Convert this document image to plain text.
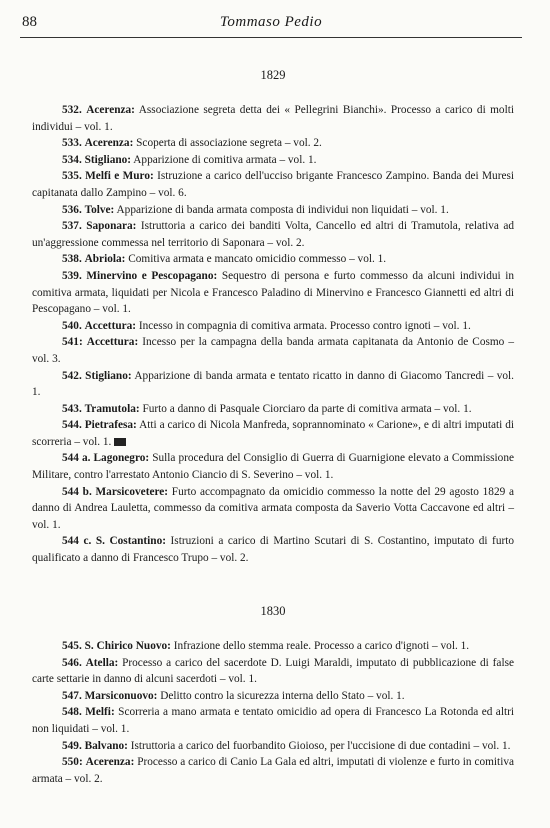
88	Tommaso Pedio
1829

532. Acerenza: Associazione segreta detta dei « Pellegrini Bianchi». Processo a carico di molti individui – vol. 1.

533. Acerenza: Scoperta di associazione segreta – vol. 2.

534. Stigliano: Apparizione di comitiva armata – vol. 1.

535. Melfi e Muro: Istruzione a carico dell'ucciso brigante Francesco Zampino. Banda dei Muresi capitanata dallo Zampino – vol. 6.

536. Tolve: Apparizione di banda armata composta di individui non liquidati – vol. 1.

537. Saponara: Istruttoria a carico dei banditi Volta, Cancello ed altri di Tramutola, relativa ad un'aggressione commessa nel territorio di Saponara – vol. 2.

538. Abriola: Comitiva armata e mancato omicidio commesso – vol. 1.

539. Minervino e Pescopagano: Sequestro di persona e furto commesso da alcuni individui in comitiva armata, liquidati per Nicola e Francesco Paladino di Minervino e Francesco Giannetti ed altri di Pescopagano – vol. 1.

540. Accettura: Incesso in compagnia di comitiva armata. Processo contro ignoti – vol. 1.

541: Accettura: Incesso per la campagna della banda armata capitanata da Antonio de Cosmo – vol. 3.

542. Stigliano: Apparizione di banda armata e tentato ricatto in danno di Giacomo Tancredi – vol. 1.

543. Tramutola: Furto a danno di Pasquale Ciorciaro da parte di comitiva armata – vol. 1.

544. Pietrafesa: Atti a carico di Nicola Manfreda, soprannominato « Carione», e di altri imputati di scorreria – vol. 1.

544 a. Lagonegro: Sulla procedura del Consiglio di Guerra di Guarnigione elevato a Commissione Militare, contro l'arrestato Antonio Ciancio di S. Severino – vol. 1.

544 b. Marsicovetere: Furto accompagnato da omicidio commesso la notte del 29 agosto 1829 a danno di Andrea Lauletta, commesso da comitiva armata composta da Saverio Votta Caccavone ed altri – vol. 1.

544 c. S. Costantino: Istruzioni a carico di Martino Scutari di S. Costantino, imputato di furto qualificato a danno di Francesco Trupo – vol. 2.

1830

545. S. Chirico Nuovo: Infrazione dello stemma reale. Processo a carico d'ignoti – vol. 1.

546. Atella: Processo a carico del sacerdote D. Luigi Maraldi, imputato di pubblicazione di false carte settarie in danno di alcuni sacerdoti – vol. 1.

547. Marsiconuovo: Delitto contro la sicurezza interna dello Stato – vol. 1.

548. Melfi: Scorreria a mano armata e tentato omicidio ad opera di Francesco La Rotonda ed altri non liquidati – vol. 1.

549. Balvano: Istruttoria a carico del fuorbandito Gioioso, per l'uccisione di due contadini – vol. 1.

550: Acerenza: Processo a carico di Canio La Gala ed altri, imputati di violenze e furto in comitiva armata – vol. 2.
